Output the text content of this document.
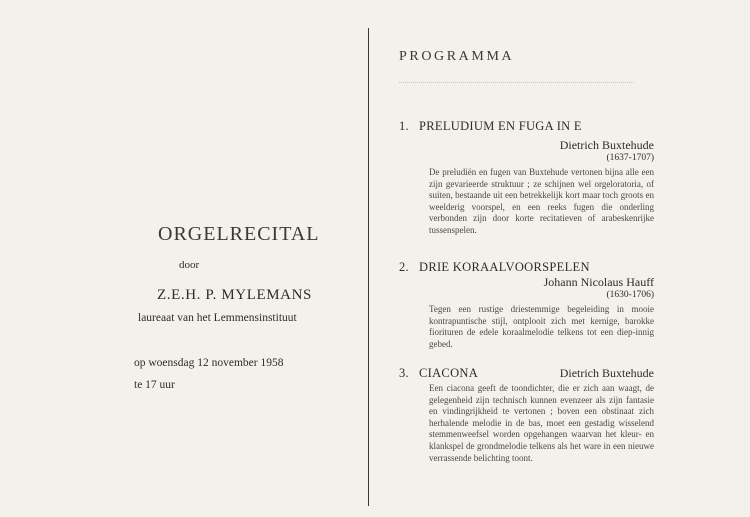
ORGELRECITAL
door
Z.E.H. P. MYLEMANS
laureaat van het Lemmensinstituut
op woensdag 12 november 1958
te 17 uur
PROGRAMMA
1. PRELUDIUM EN FUGA IN E
Dietrich Buxtehude
(1637-1707)

De preludiën en fugen van Buxtehude vertonen bijna alle een zijn gevarieerde struktuur ; ze schijnen wel orgeloratoria, of suiten, bestaande uit een betrekkelijk kort maar toch groots en weelderig voorspel, en een reeks fugen die onderling verbonden zijn door korte recitatieven of arabeskenrijke tussenspelen.

2. DRIE KORAALVOORSPELEN
Johann Nicolaus Hauff
(1630-1706)

Tegen een rustige driestemmige begeleiding in mooie kontrapuntische stijl, ontplooit zich met kernige, barokke fiorituren de edele koraalmelodie telkens tot een diep-innig gebed.

3. CIACONA	Dietrich Buxtehude

Een ciacona geeft de toondichter, die er zich aan waagt, de gelegenheid zijn technisch kunnen evenzeer als zijn fantasie en vindingrijkheid te vertonen ; boven een obstinaat zich herhalende melodie in de bas, moet een gestadig wisselend stemmenweefsel worden opgehangen waarvan het kleur- en klankspel de grondmelodie telkens als het ware in een nieuwe verrassende belichting toont.
